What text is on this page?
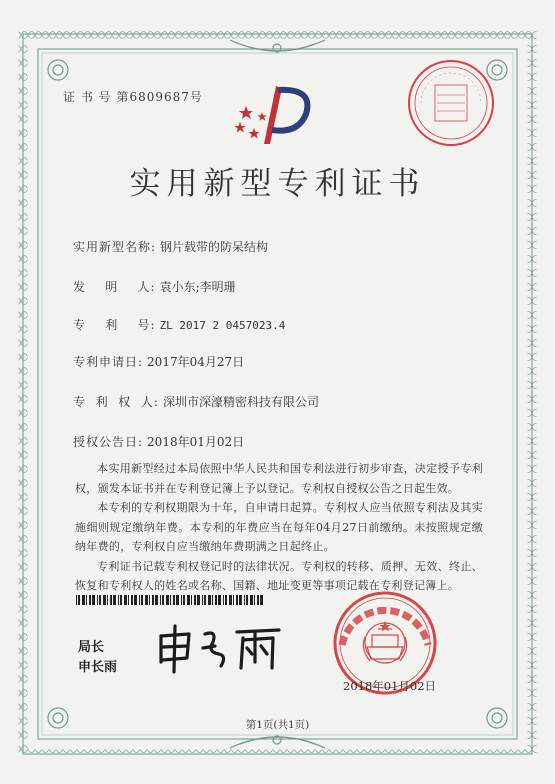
证 书 号 第6809687号
实用新型专利证书
实用新型名称: 钢片载带的防呆结构
发    明    人: 袁小东;李明珊
专    利    号: ZL 2017 2 0457023.4
专利申请日: 2017年04月27日
专  利  权  人: 深圳市深濠精密科技有限公司
授权公告日: 2018年01月02日

本实用新型经过本局依照中华人民共和国专利法进行初步审查，决定授予专利权，颁发本证书并在专利登记簿上予以登记。专利权自授权公告之日起生效。

本专利的专利权期限为十年，自申请日起算。专利权人应当依照专利法及其实施细则规定缴纳年费。本专利的年费应当在每年04月27日前缴纳。未按照规定缴纳年费的，专利权自应当缴纳年费期满之日起终止。

专利证书记载专利权登记时的法律状况。专利权的转移、质押、无效、终止、恢复和专利权人的姓名或名称、国籍、地址变更等事项记载在专利登记簿上。

局长
申长雨
2018年01月02日
第1页(共1页)
